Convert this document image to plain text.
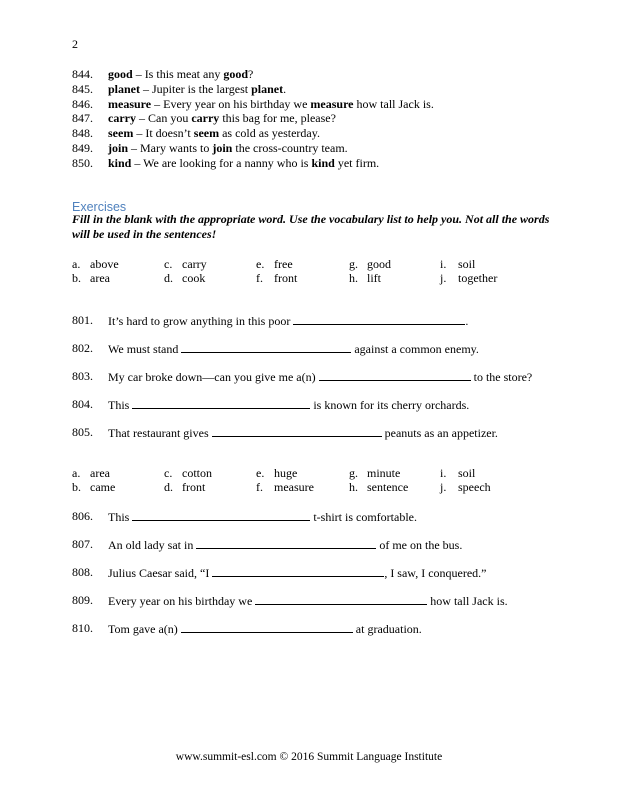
2
844.	good – Is this meat any good?
845.	planet – Jupiter is the largest planet.
846.	measure – Every year on his birthday we measure how tall Jack is.
847.	carry – Can you carry this bag for me, please?
848.	seem – It doesn’t seem as cold as yesterday.
849.	join – Mary wants to join the cross-country team.
850.	kind – We are looking for a nanny who is kind yet firm.
Exercises
Fill in the blank with the appropriate word. Use the vocabulary list to help you. Not all the words will be used in the sentences!
a. above	c. carry	e. free	g. good	i. soil
b. area	d. cook	f. front	h. lift	j. together
801. It’s hard to grow anything in this poor	.
802. We must stand	against a common enemy.
803. My car broke down—can you give me a(n)	to the store?
804. This	is known for its cherry orchards.
805. That restaurant gives	peanuts as an appetizer.
a. area	c. cotton	e. huge	g. minute	i. soil
b. came	d. front	f. measure	h. sentence	j. speech
806. This	t-shirt is comfortable.
807. An old lady sat in	of me on the bus.
808. Julius Caesar said, “I	, I saw, I conquered.”
809. Every year on his birthday we	how tall Jack is.
810. Tom gave a(n)	at graduation.
www.summit-esl.com © 2016 Summit Language Institute
